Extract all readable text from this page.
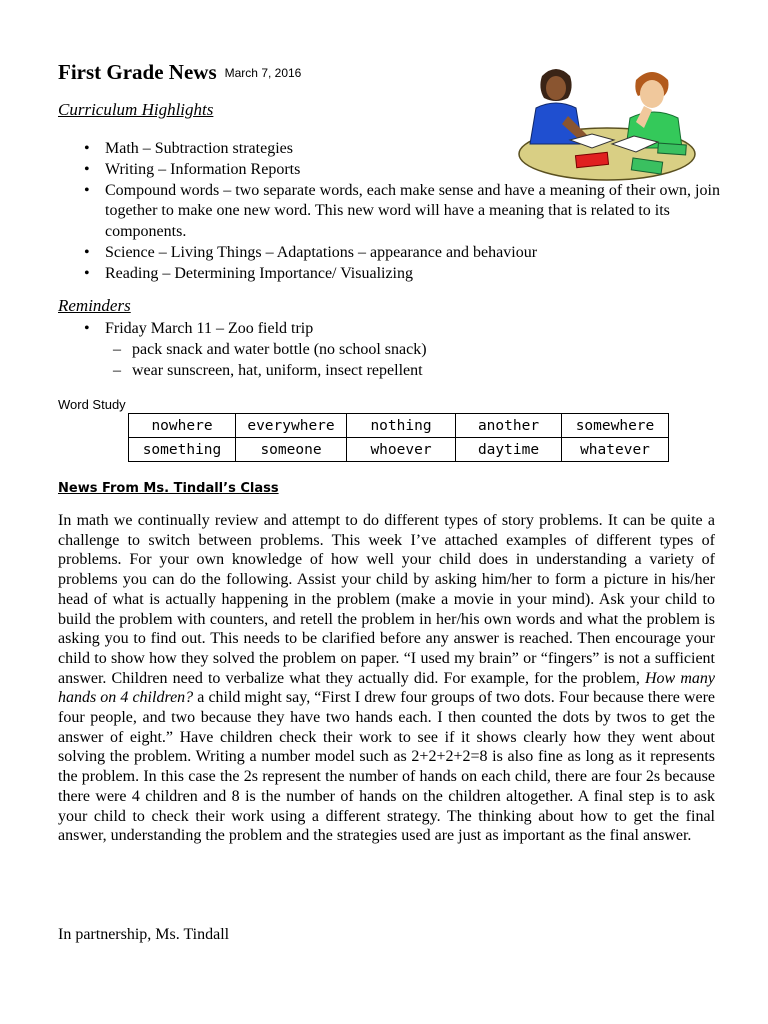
First Grade News March 7, 2016
Curriculum Highlights
• Math – Subtraction strategies
• Writing – Information Reports
• Compound words – two separate words, each make sense and have a meaning of their own, join together to make one new word. This new word will have a meaning that is related to its components.
• Science – Living Things – Adaptations – appearance and behaviour
• Reading – Determining Importance/ Visualizing
Reminders
• Friday March 11 – Zoo field trip
– pack snack and water bottle (no school snack)
– wear sunscreen, hat, uniform, insect repellent
Word Study
nowhere	everywhere	nothing	another	somewhere
something	someone	whoever	daytime	whatever
News From Ms. Tindall’s Class

In math we continually review and attempt to do different types of story problems. It can be quite a challenge to switch between problems. This week I’ve attached examples of different types of problems. For your own knowledge of how well your child does in understanding a variety of problems you can do the following. Assist your child by asking him/her to form a picture in his/her head of what is actually happening in the problem (make a movie in your mind). Ask your child to build the problem with counters, and retell the problem in her/his own words and what the problem is asking you to find out. This needs to be clarified before any answer is reached. Then encourage your child to show how they solved the problem on paper. “I used my brain” or “fingers” is not a sufficient answer. Children need to verbalize what they actually did. For example, for the problem, How many hands on 4 children? a child might say, “First I drew four groups of two dots. Four because there were four people, and two because they have two hands each. I then counted the dots by twos to get the answer of eight.” Have children check their work to see if it shows clearly how they went about solving the problem. Writing a number model such as 2+2+2+2=8 is also fine as long as it represents the problem. In this case the 2s represent the number of hands on each child, there are four 2s because there were 4 children and 8 is the number of hands on the children altogether. A final step is to ask your child to check their work using a different strategy. The thinking about how to get the final answer, understanding the problem and the strategies used are just as important as the final answer.

In partnership, Ms. Tindall
